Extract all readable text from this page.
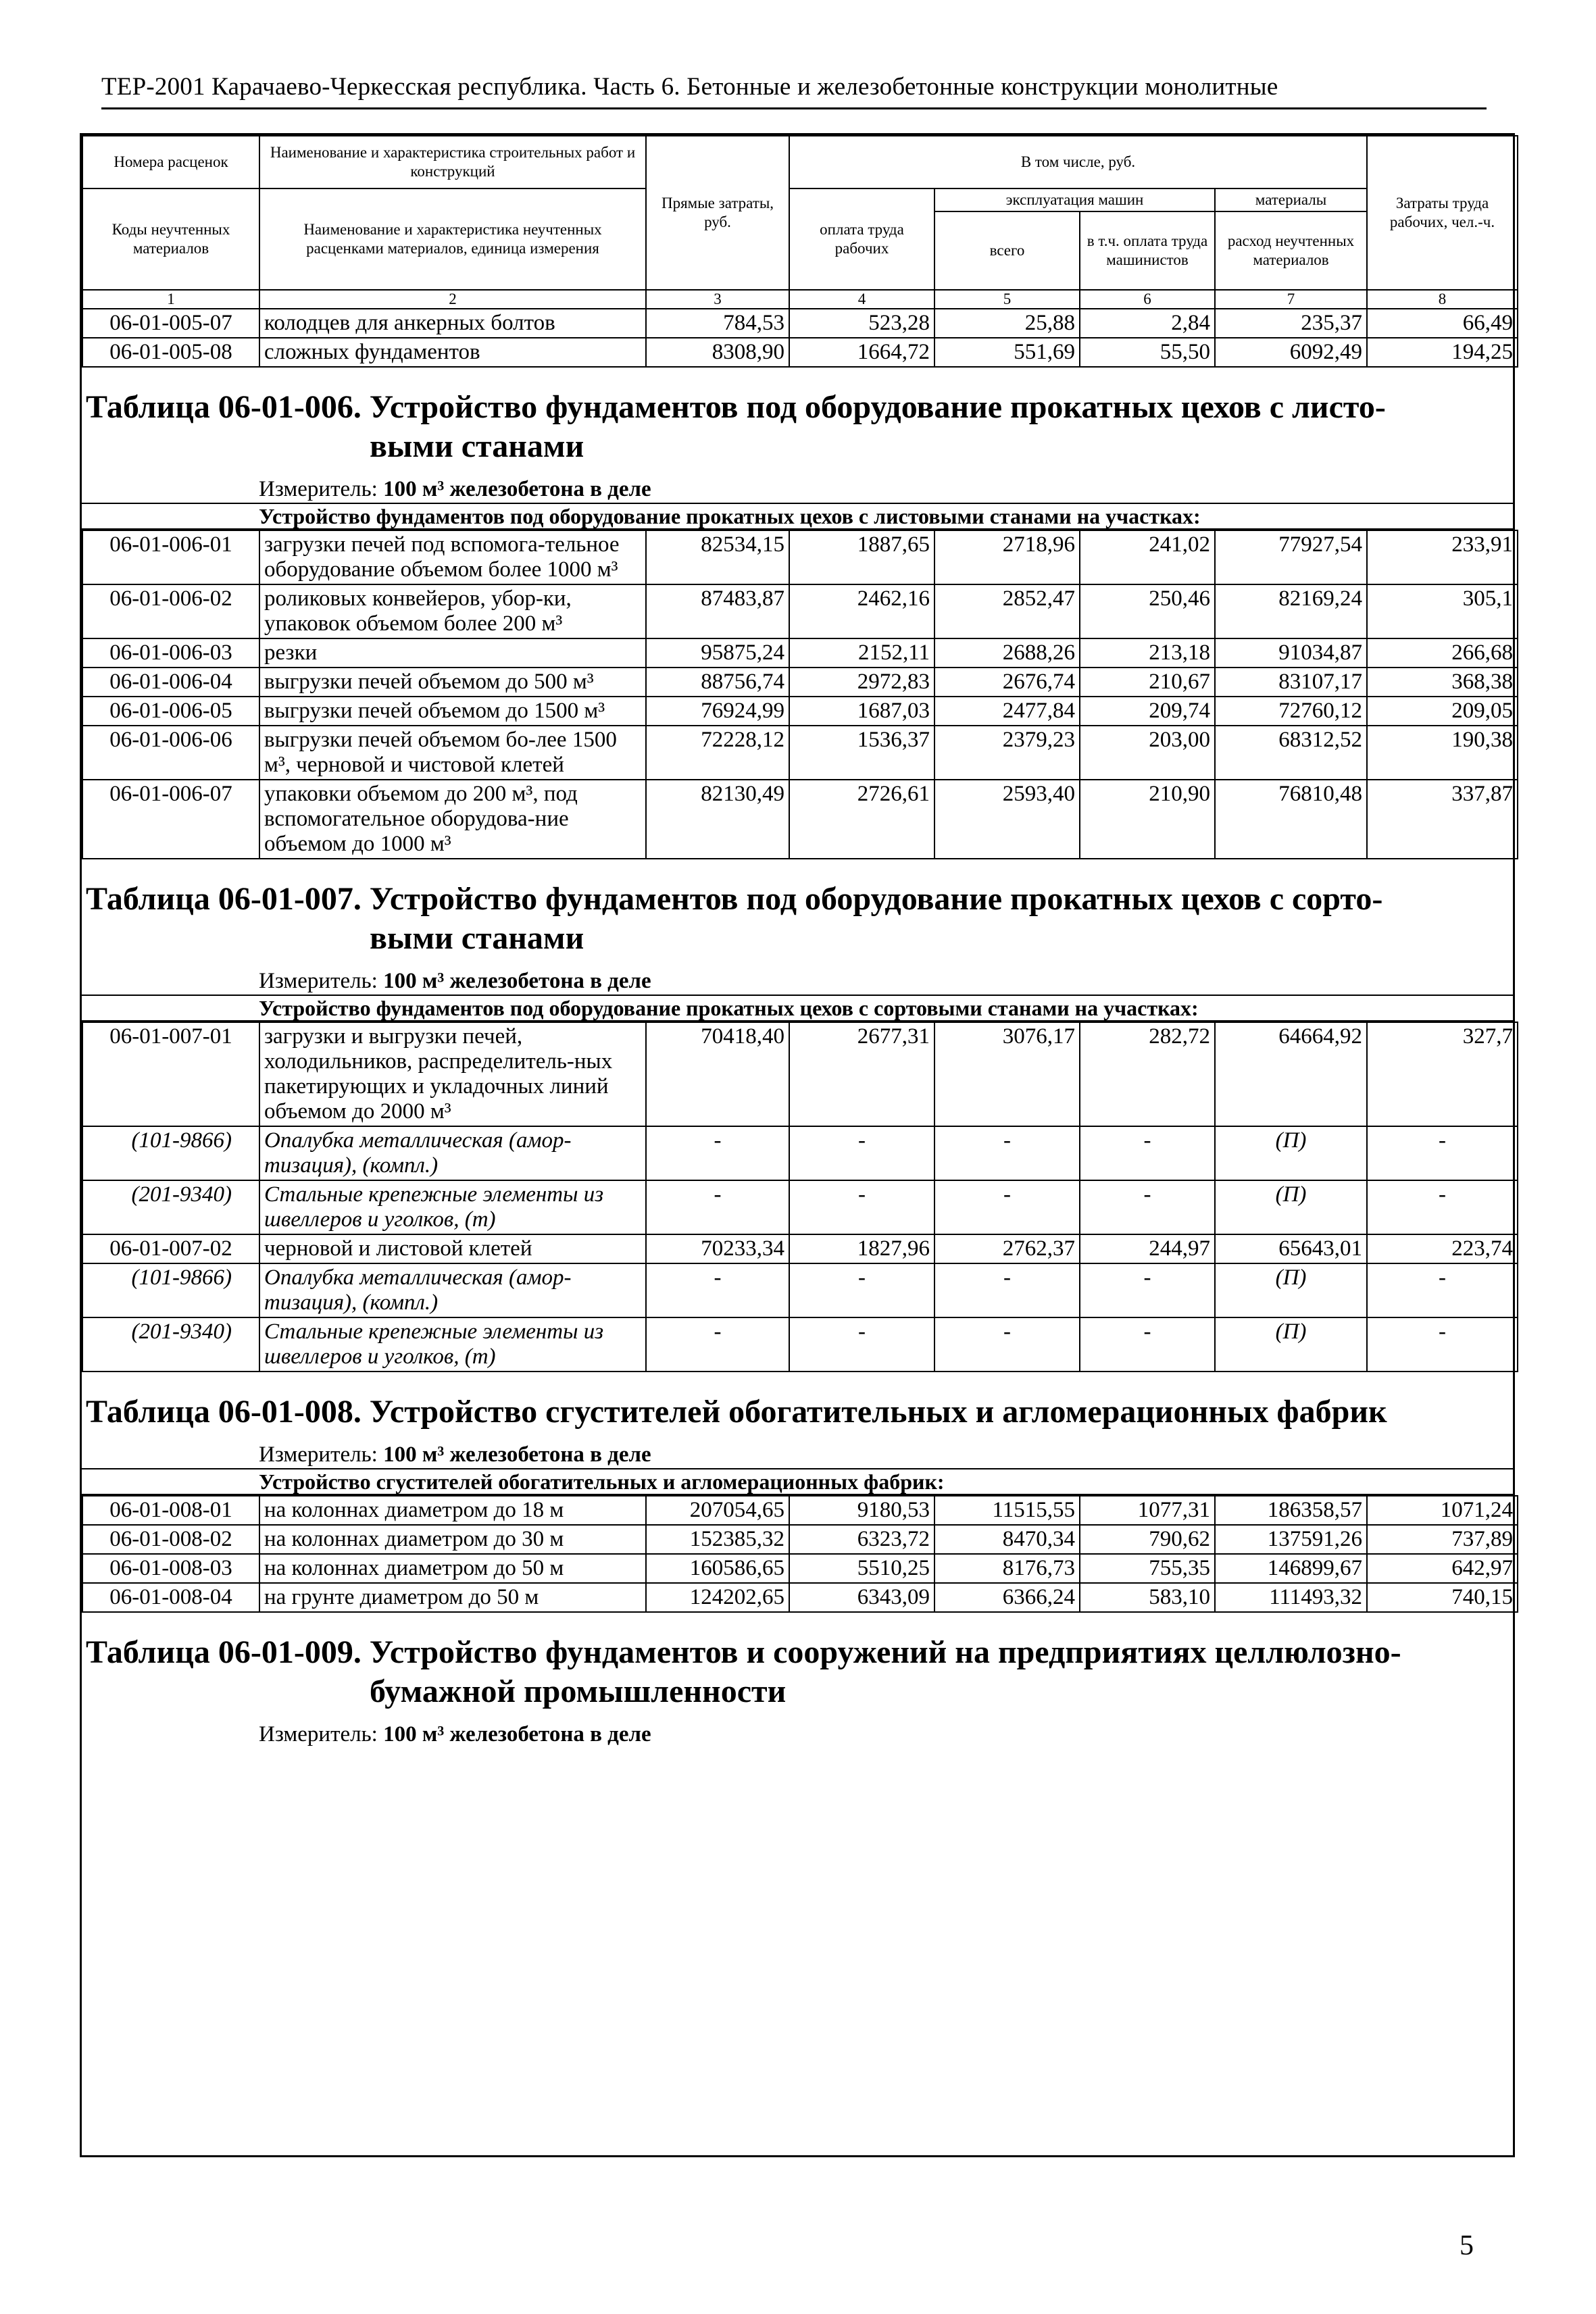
ТЕР-2001 Карачаево-Черкесская республика. Часть 6. Бетонные и железобетонные конструкции монолитные
Номера расценок	Наименование и характеристика строительных работ и конструкций	Прямые затраты, руб.	В том числе, руб.				Затраты труда рабочих, чел.-ч.
Коды неучтенных материалов	Наименование и характеристика неучтенных расценками материалов, единица измерения		оплата труда рабочих	эксплуатация машин		материалы	
				всего	в т.ч. оплата труда машинистов	расход неучтенных материалов	
1	2	3	4	5	6	7	8
06-01-005-07	колодцев для анкерных болтов	784,53	523,28	25,88	2,84	235,37	66,49
06-01-005-08	сложных фундаментов	8308,90	1664,72	551,69	55,50	6092,49	194,25
Таблица 06-01-006. Устройство фундаментов под оборудование прокатных цехов с листо-
выми станами
Измеритель: 100 м³ железобетона в деле
Устройство фундаментов под оборудование прокатных цехов с листовыми станами на участках:
06-01-006-01	загрузки печей под вспомога-тельное оборудование объемом более 1000 м³	82534,15	1887,65	2718,96	241,02	77927,54	233,91
06-01-006-02	роликовых конвейеров, убор-ки, упаковок объемом более 200 м³	87483,87	2462,16	2852,47	250,46	82169,24	305,1
06-01-006-03	резки	95875,24	2152,11	2688,26	213,18	91034,87	266,68
06-01-006-04	выгрузки печей объемом до 500 м³	88756,74	2972,83	2676,74	210,67	83107,17	368,38
06-01-006-05	выгрузки печей объемом до 1500 м³	76924,99	1687,03	2477,84	209,74	72760,12	209,05
06-01-006-06	выгрузки печей объемом бо-лее 1500 м³, черновой и чистовой клетей	72228,12	1536,37	2379,23	203,00	68312,52	190,38
06-01-006-07	упаковки объемом до 200 м³, под вспомогательное оборудова-ние объемом до 1000 м³	82130,49	2726,61	2593,40	210,90	76810,48	337,87
Таблица 06-01-007. Устройство фундаментов под оборудование прокатных цехов с сорто-
выми станами
Измеритель: 100 м³ железобетона в деле
Устройство фундаментов под оборудование прокатных цехов с сортовыми станами на участках:
06-01-007-01	загрузки и выгрузки печей, холодильников, распределитель-ных пакетирующих и укладочных линий объемом до 2000 м³	70418,40	2677,31	3076,17	282,72	64664,92	327,7
(101-9866)	Опалубка металлическая (амор-тизация), (компл.)	-	-	-	-	(П)	-
(201-9340)	Стальные крепежные элементы из швеллеров и уголков, (т)	-	-	-	-	(П)	-
06-01-007-02	черновой и листовой клетей	70233,34	1827,96	2762,37	244,97	65643,01	223,74
(101-9866)	Опалубка металлическая (амор-тизация), (компл.)	-	-	-	-	(П)	-
(201-9340)	Стальные крепежные элементы из швеллеров и уголков, (т)	-	-	-	-	(П)	-
Таблица 06-01-008. Устройство сгустителей обогатительных и агломерационных фабрик
Измеритель: 100 м³ железобетона в деле
Устройство сгустителей обогатительных и агломерационных фабрик:
06-01-008-01	на колоннах диаметром до 18 м	207054,65	9180,53	11515,55	1077,31	186358,57	1071,24
06-01-008-02	на колоннах диаметром до 30 м	152385,32	6323,72	8470,34	790,62	137591,26	737,89
06-01-008-03	на колоннах диаметром до 50 м	160586,65	5510,25	8176,73	755,35	146899,67	642,97
06-01-008-04	на грунте диаметром до 50 м	124202,65	6343,09	6366,24	583,10	111493,32	740,15
Таблица 06-01-009. Устройство фундаментов и сооружений на предприятиях целлюлозно-
бумажной промышленности
Измеритель: 100 м³ железобетона в деле
5
